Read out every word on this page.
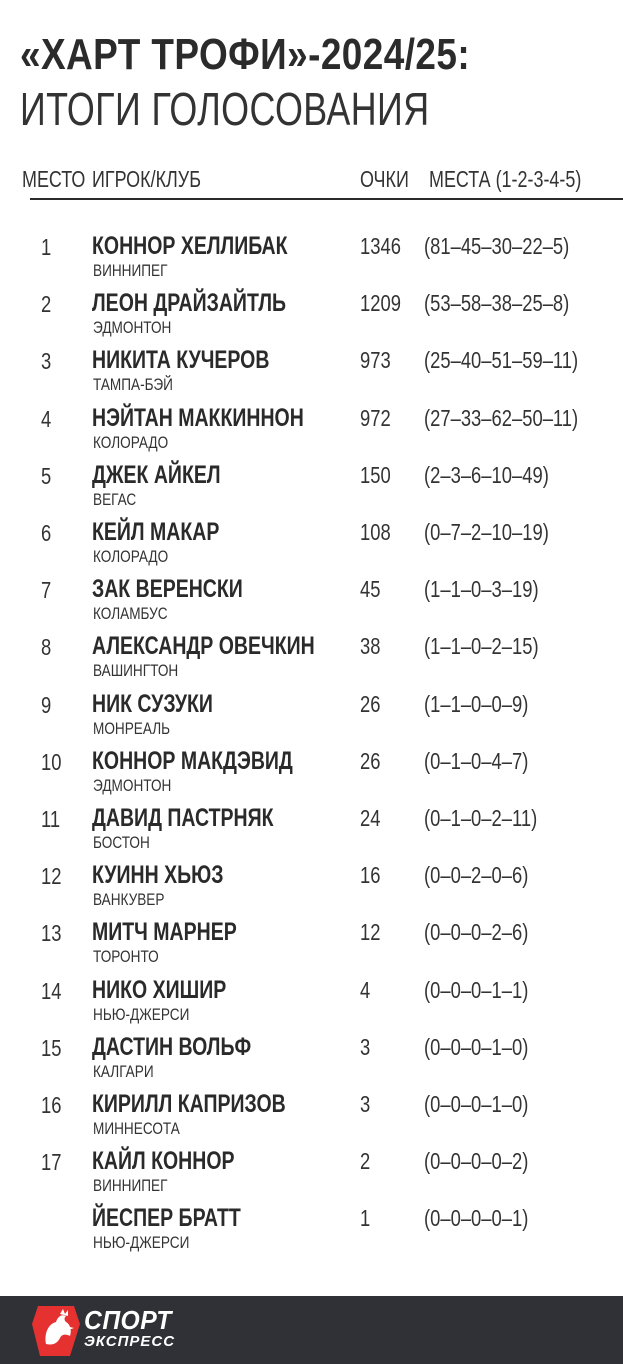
«ХАРТ ТРОФИ»-2024/25:
ИТОГИ ГОЛОСОВАНИЯ
МЕСТО ИГРОК/КЛУБ	ОЧКИ МЕСТА (1-2-3-4-5)
1 КОННОР ХЕЛЛИБАК
ВИННИПЕГ
1346 (81–45–30–22–5)
2 ЛЕОН ДРАЙЗАЙТЛЬ
ЭДМОНТОН
1209 (53–58–38–25–8)
3 НИКИТА КУЧЕРОВ
ТАМПА-БЭЙ
973 (25–40–51–59–11)
4 НЭЙТАН МАККИННОН
КОЛОРАДО
972 (27–33–62–50–11)
5 ДЖЕК АЙКЕЛ
ВЕГАС
150 (2–3–6–10–49)
6 КЕЙЛ МАКАР
КОЛОРАДО
108 (0–7–2–10–19)
7 ЗАК ВЕРЕНСКИ
КОЛАМБУС
45 (1–1–0–3–19)
8 АЛЕКСАНДР ОВЕЧКИН
ВАШИНГТОН
38 (1–1–0–2–15)
9 НИК СУЗУКИ
МОНРЕАЛЬ
26 (1–1–0–0–9)
10 КОННОР МАКДЭВИД
ЭДМОНТОН
26 (0–1–0–4–7)
11 ДАВИД ПАСТРНЯК
БОСТОН
24 (0–1–0–2–11)
12 КУИНН ХЬЮЗ
ВАНКУВЕР
16 (0–0–2–0–6)
13 МИТЧ МАРНЕР
ТОРОНТО
12 (0–0–0–2–6)
14 НИКО ХИШИР
НЬЮ-ДЖЕРСИ
4 (0–0–0–1–1)
15 ДАСТИН ВОЛЬФ
КАЛГАРИ
3 (0–0–0–1–0)
16 КИРИЛЛ КАПРИЗОВ
МИННЕСОТА
3 (0–0–0–1–0)
17 КАЙЛ КОННОР
ВИННИПЕГ
2 (0–0–0–0–2)
ЙЕСПЕР БРАТТ
НЬЮ-ДЖЕРСИ
1 (0–0–0–0–1)
СПОРТ
ЭКСПРЕСС
